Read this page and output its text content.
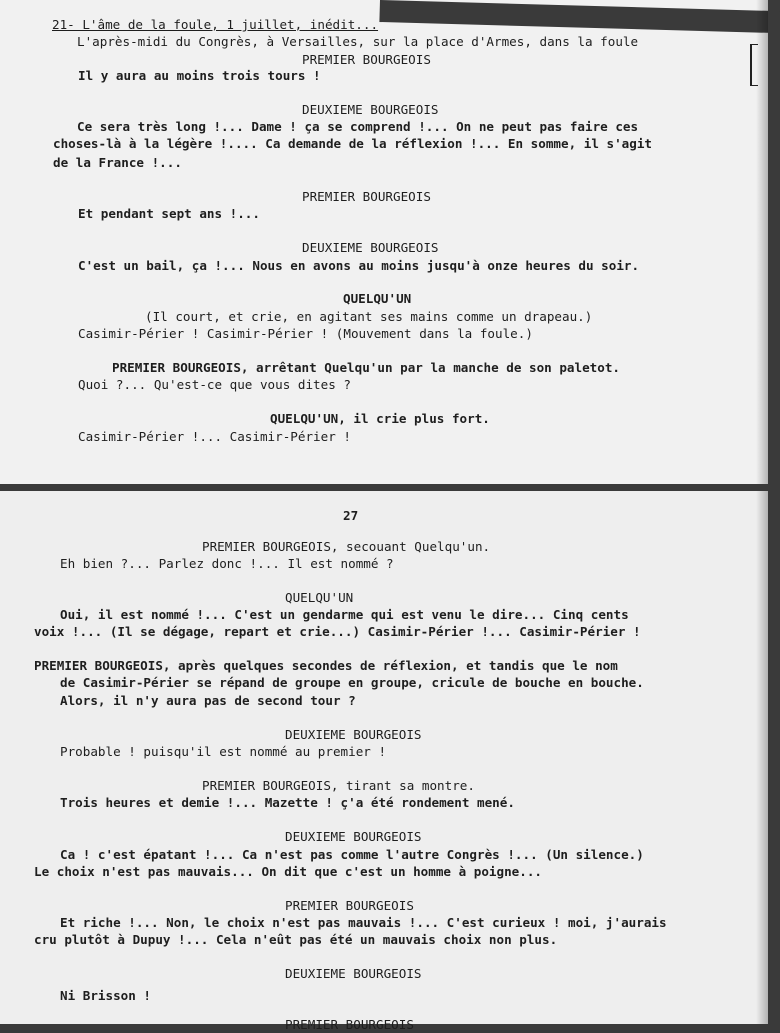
21- L'âme de la foule, 1 juillet, inédit...
L'après-midi du Congrès, à Versailles, sur la place d'Armes, dans la foule
PREMIER BOURGEOIS
Il y aura au moins trois tours !
DEUXIEME BOURGEOIS
Ce sera très long !... Dame ! ça se comprend !... On ne peut pas faire ces
choses-là à la légère !.... Ca demande de la réflexion !... En somme, il s'agit
de la France !...
PREMIER BOURGEOIS
Et pendant sept ans !...
DEUXIEME BOURGEOIS
C'est un bail, ça !... Nous en avons au moins jusqu'à onze heures du soir.
QUELQU'UN
(Il court, et crie, en agitant ses mains comme un drapeau.)
Casimir-Périer ! Casimir-Périer ! (Mouvement dans la foule.)
PREMIER BOURGEOIS, arrêtant Quelqu'un par la manche de son paletot.
Quoi ?... Qu'est-ce que vous dites ?
QUELQU'UN, il crie plus fort.
Casimir-Périer !... Casimir-Périer !
27
PREMIER BOURGEOIS, secouant Quelqu'un.
Eh bien ?... Parlez donc !... Il est nommé ?
QUELQU'UN
Oui, il est nommé !... C'est un gendarme qui est venu le dire... Cinq cents
voix !... (Il se dégage, repart et crie...) Casimir-Périer !... Casimir-Périer !
PREMIER BOURGEOIS, après quelques secondes de réflexion, et tandis que le nom
de Casimir-Périer se répand de groupe en groupe, cricule de bouche en bouche.
Alors, il n'y aura pas de second tour ?
DEUXIEME BOURGEOIS
Probable ! puisqu'il est nommé au premier !
PREMIER BOURGEOIS, tirant sa montre.
Trois heures et demie !... Mazette ! ç'a été rondement mené.
DEUXIEME BOURGEOIS
Ca ! c'est épatant !... Ca n'est pas comme l'autre Congrès !... (Un silence.)
Le choix n'est pas mauvais... On dit que c'est un homme à poigne...
PREMIER BOURGEOIS
Et riche !... Non, le choix n'est pas mauvais !... C'est curieux ! moi, j'aurais
cru plutôt à Dupuy !... Cela n'eût pas été un mauvais choix non plus.
DEUXIEME BOURGEOIS
Ni Brisson !
PREMIER BOURGEOIS
